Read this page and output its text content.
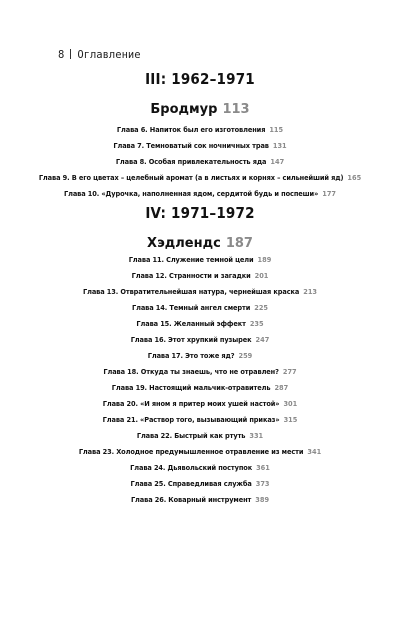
8 Оглавление
III: 1962–1971
Бродмур 113
Глава 6. Напиток был его изготовления 115
Глава 7. Темноватый сок ночничных трав 131
Глава 8. Особая привлекательность яда 147
Глава 9. В его цветах – целебный аромат (а в листьях и корнях – сильнейший яд) 165
Глава 10. «Дурочка, наполненная ядом, сердитой будь и поспеши» 177
IV: 1971–1972
Хэдлендс 187
Глава 11. Служение темной цели 189
Глава 12. Странности и загадки 201
Глава 13. Отвратительнейшая натура, чернейшая краска 213
Глава 14. Темный ангел смерти 225
Глава 15. Желанный эффект 235
Глава 16. Этот хрупкий пузырек 247
Глава 17. Это тоже яд? 259
Глава 18. Откуда ты знаешь, что не отравлен? 277
Глава 19. Настоящий мальчик-отравитель 287
Глава 20. «И яном я притер моих ушей настой» 301
Глава 21. «Раствор того, вызывающий приказ» 315
Глава 22. Быстрый как ртуть 331
Глава 23. Холодное предумышленное отравление из мести 341
Глава 24. Дьявольский поступок 361
Глава 25. Справедливая служба 373
Глава 26. Коварный инструмент 389
